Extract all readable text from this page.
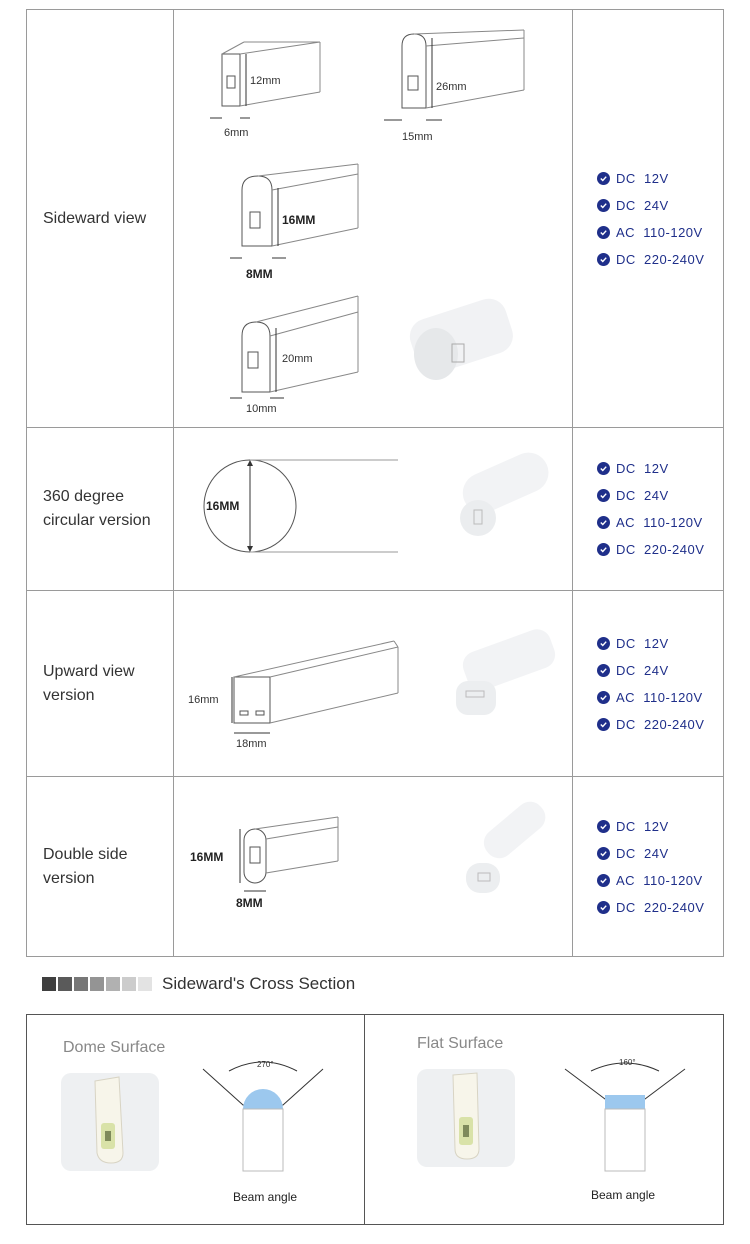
Sideward view
12mm
6mm
26mm
15mm
16MM
8MM
20mm
10mm
DC  12V
DC  24V
AC  110-120V
DC  220-240V
360 degree
circular version
16MM
DC  12V
DC  24V
AC  110-120V
DC  220-240V
Upward view
version	16mm
18mm
DC  12V
DC  24V
AC  110-120V
DC  220-240V
Double side
version
16MM
8MM
DC  12V
DC  24V
AC  110-120V
DC  220-240V
Sideward's Cross Section
Dome Surface
270°
Beam angle
Flat Surface
160°
Beam angle
